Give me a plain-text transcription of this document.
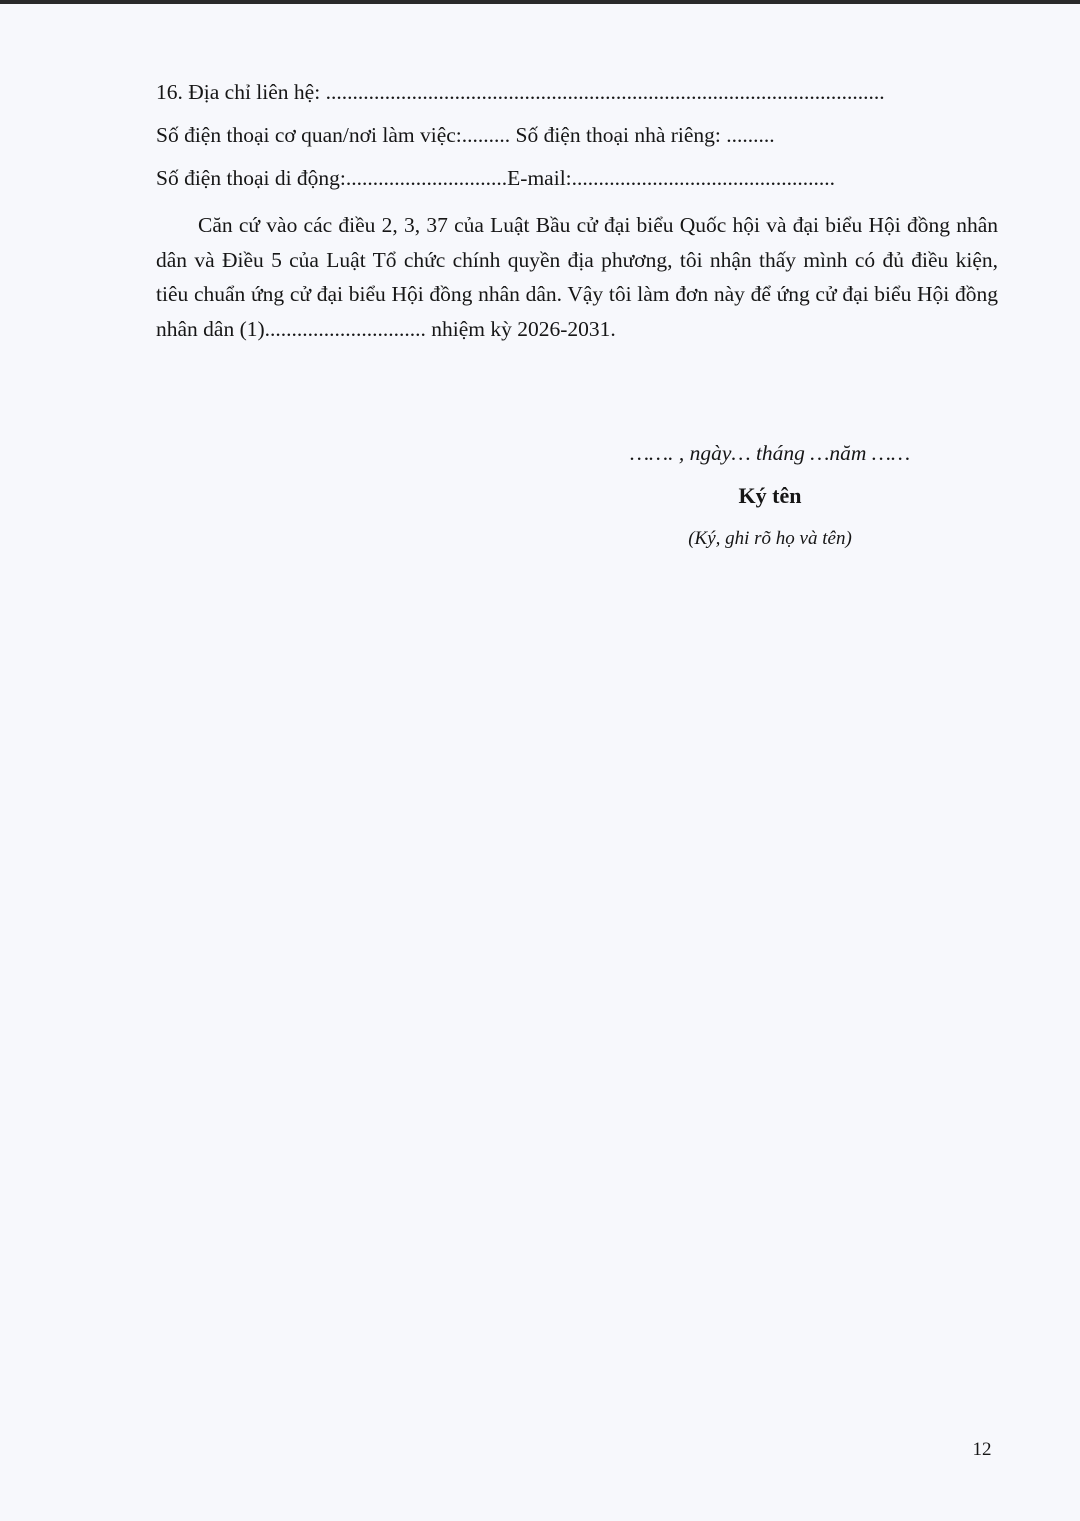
16. Địa chỉ liên hệ: ........................................................................................................
Số điện thoại cơ quan/nơi làm việc:......... Số điện thoại nhà riêng: .........
Số điện thoại di động:..............................E-mail:.................................................
Căn cứ vào các điều 2, 3, 37 của Luật Bầu cử đại biểu Quốc hội và đại biểu Hội đồng nhân dân và Điều 5 của Luật Tổ chức chính quyền địa phương, tôi nhận thấy mình có đủ điều kiện, tiêu chuẩn ứng cử đại biểu Hội đồng nhân dân. Vậy tôi làm đơn này để ứng cử đại biểu Hội đồng nhân dân (1).............................. nhiệm kỳ 2026-2031.
……. , ngày… tháng …năm ……
Ký tên
(Ký, ghi rõ họ và tên)
12
